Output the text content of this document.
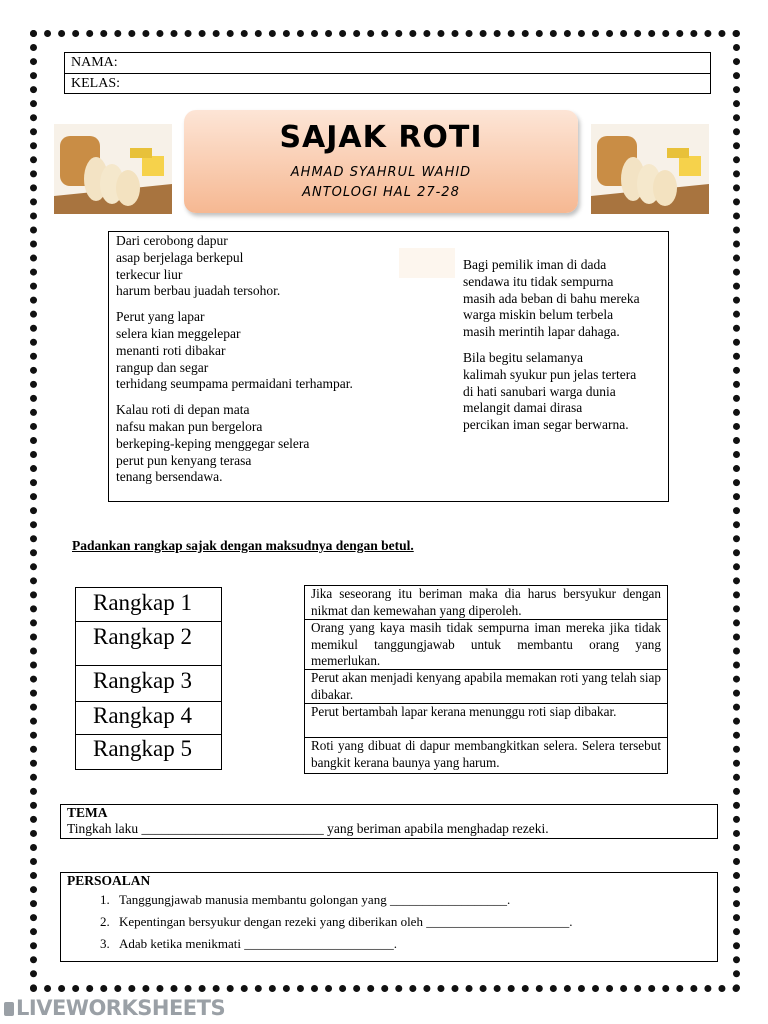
NAMA:
KELAS:
SAJAK ROTI
AHMAD SYAHRUL WAHID
ANTOLOGI HAL 27-28
Dari cerobong dapur
asap berjelaga berkepul
terkecur liur
harum berbau juadah tersohor.
Perut yang lapar
selera kian meggelepar
menanti roti dibakar
rangup dan segar
terhidang seumpama permaidani terhampar.
Kalau roti di depan mata
nafsu makan pun bergelora
berkeping-keping menggegar selera
perut pun kenyang terasa
tenang bersendawa.
Bagi pemilik iman di dada
sendawa itu tidak sempurna
masih ada beban di bahu mereka
warga miskin belum terbela
masih merintih lapar dahaga.
Bila begitu selamanya
kalimah syukur pun jelas tertera
di hati sanubari warga dunia
melangit damai dirasa
percikan iman segar berwarna.
Padankan rangkap sajak dengan maksudnya dengan betul.
Rangkap 1
Rangkap 2
Rangkap 3
Rangkap 4
Rangkap 5
Jika seseorang itu beriman maka dia harus bersyukur dengan nikmat dan kemewahan yang diperoleh.
Orang yang kaya masih tidak sempurna iman mereka jika tidak memikul tanggungjawab untuk membantu orang yang memerlukan.
Perut akan menjadi kenyang apabila memakan roti yang telah siap dibakar.
Perut bertambah lapar kerana menunggu roti siap dibakar.
Roti yang dibuat di dapur membangkitkan selera. Selera tersebut bangkit kerana baunya yang harum.
TEMA
Tingkah laku ___________________________ yang beriman apabila menghadap rezeki.
PERSOALAN
1. Tanggungjawab manusia membantu golongan yang __________________.
2. Kepentingan bersyukur dengan rezeki yang diberikan oleh ______________________.
3. Adab ketika menikmati _______________________.
LIVEWORKSHEETS
